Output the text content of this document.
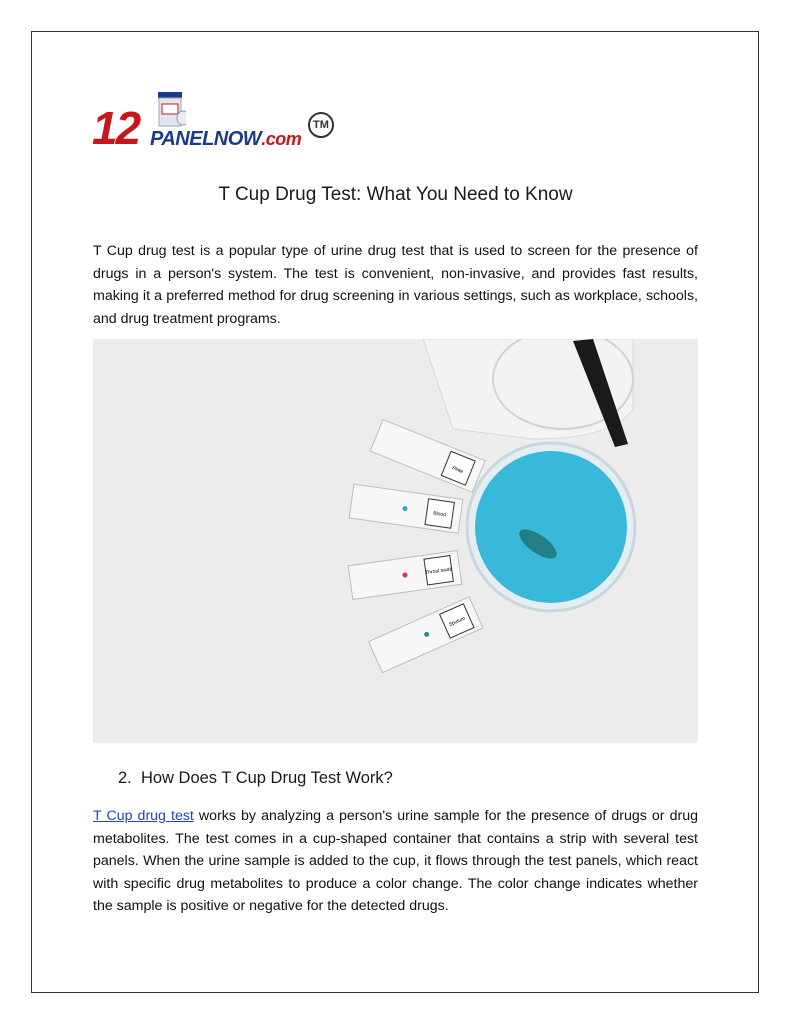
12 PANELNOW.com
TM
T Cup Drug Test: What You Need to Know

T Cup drug test is a popular type of urine drug test that is used to screen for the presence of drugs in a person's system. The test is convenient, non-invasive, and provides fast results, making it a preferred method for drug screening in various settings, such as workplace, schools, and drug treatment programs.

Plate
Blood
Throat swab
Sputum
2. How Does T Cup Drug Test Work?

T Cup drug test works by analyzing a person's urine sample for the presence of drugs or drug metabolites. The test comes in a cup-shaped container that contains a strip with several test panels. When the urine sample is added to the cup, it flows through the test panels, which react with specific drug metabolites to produce a color change. The color change indicates whether the sample is positive or negative for the detected drugs.
